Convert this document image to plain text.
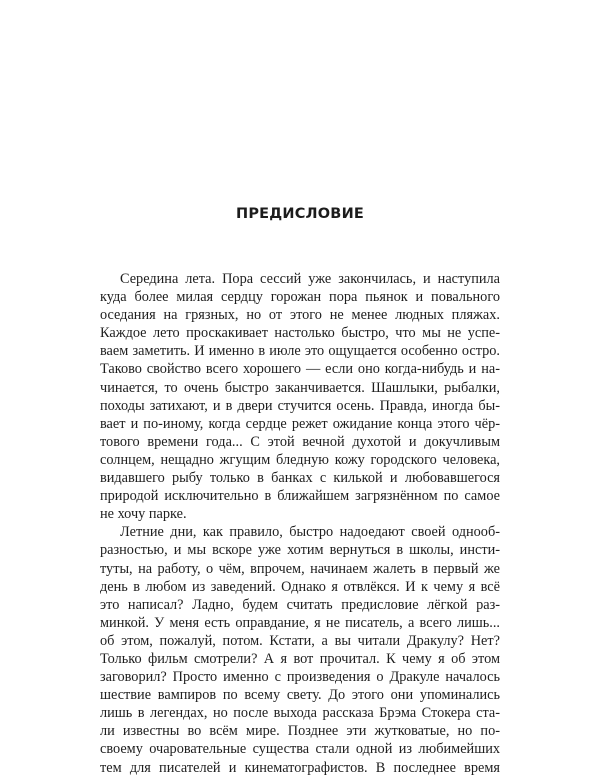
ПРЕДИСЛОВИЕ
Середина лета. Пора сессий уже закончилась, и наступила
куда более милая сердцу горожан пора пьянок и повального
оседания на грязных, но от этого не менее людных пляжах.
Каждое лето проскакивает настолько быстро, что мы не успе-
ваем заметить. И именно в июле это ощущается особенно остро.
Таково свойство всего хорошего — если оно когда-нибудь и на-
чинается, то очень быстро заканчивается. Шашлыки, рыбалки,
походы затихают, и в двери стучится осень. Правда, иногда бы-
вает и по-иному, когда сердце режет ожидание конца этого чёр-
тового времени года... С этой вечной духотой и докучливым
солнцем, нещадно жгущим бледную кожу городского человека,
видавшего рыбу только в банках с килькой и любовавшегося
природой исключительно в ближайшем загрязнённом по самое
не хочу парке.
Летние дни, как правило, быстро надоедают своей однооб-
разностью, и мы вскоре уже хотим вернуться в школы, инсти-
туты, на работу, о чём, впрочем, начинаем жалеть в первый же
день в любом из заведений. Однако я отвлёкся. И к чему я всё
это написал? Ладно, будем считать предисловие лёгкой раз-
минкой. У меня есть оправдание, я не писатель, а всего лишь...
об этом, пожалуй, потом. Кстати, а вы читали Дракулу? Нет?
Только фильм смотрели? А я вот прочитал. К чему я об этом
заговорил? Просто именно с произведения о Дракуле началось
шествие вампиров по всему свету. До этого они упоминались
лишь в легендах, но после выхода рассказа Брэма Стокера ста-
ли известны во всём мире. Позднее эти жутковатые, но по-
своему очаровательные существа стали одной из любимейших
тем для писателей и кинематографистов. В последнее время
